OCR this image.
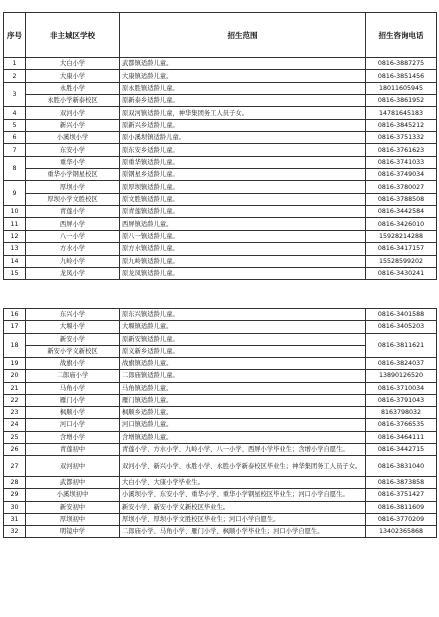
序号	非主城区学校	招生范围	招生咨询电话
1	大白小学	武都镇适龄儿童。	0816-3887275
2	大康小学	大康镇适龄儿童。	0816-3851456
3	永胜小学	原永胜镇适龄儿童。	18011605945
	永胜小学新泰校区	原新泰乡适龄儿童。	0816-3861952
4	双河小学	原双河镇适龄儿童，神华集团务工人员子女。	14781645183
5	新兴小学	原新兴乡适龄儿童。	0816-3845212
6	小溪坝小学	原小溪坝镇适龄儿童。	0816-3751332
7	东安小学	原东安乡适龄儿童。	0816-3761623
8	重华小学	原重华镇适龄儿童。	0816-3741033
	重华小学钢星校区	原钢星乡适龄儿童。	0816-3749034
9	厚坝小学	原厚坝镇适龄儿童。	0816-3780027
	厚坝小学文胜校区	原文胜镇适龄儿童。	0816-3788508
10	青莲小学	原青莲镇适龄儿童。	0816-3442584
11	西屏小学	西屏镇适龄儿童。	0816-3426010
12	八一小学	原八一镇适龄儿童。	15928214288
13	方水小学	原方水镇适龄儿童。	0816-3417157
14	九岭小学	原九岭镇适龄儿童。	15528599202
15	龙凤小学	原龙凤镇适龄儿童。	0816-3430241
16	东兴小学	原东兴镇适龄儿童。	0816-3401588
17	大堰小学	大堰镇适龄儿童。	0816-3405203
18	新安小学	原新安镇适龄儿童。	0816-3811621
	新安小学义新校区	原义新乡适龄儿童。	
19	战旗小学	战旗镇适龄儿童。	0816-3824037
20	二郎庙小学	二郎庙镇适龄儿童。	13890126520
21	马角小学	马角镇适龄儿童。	0816-3710034
22	雁门小学	雁门镇适龄儿童。	0816-3791043
23	枫顺小学	枫顺乡适龄儿童。	8163798032
24	河口小学	河口镇适龄儿童。	0816-3766535
25	含增小学	含增镇适龄儿童。	0816-3464111
26	青莲初中	青莲小学、方水小学、九岭小学、八一小学、西屏小学毕业生；含增小学自愿生。	0816-3442715
27	双河初中	双河小学、新兴小学、永胜小学、永胜小学新泰校区毕业生；神华集团务工人员子女。	0816-3831040
28	武都初中	大白小学、大康小学毕业生。	0816-3873858
29	小溪坝初中	小溪坝小学、东安小学、重华小学、重华小学钢星校区毕业生；河口小学自愿生。	0816-3751427
30	新安初中	新安小学、新安小学义新校区毕业生。	0816-3811609
31	厚坝初中	厚坝小学、厚坝小学文胜校区毕业生；河口小学自愿生。	0816-3770209
32	明镜中学	二郎庙小学、马角小学、雁门小学、枫顺小学毕业生；河口小学自愿生。	13402365868
